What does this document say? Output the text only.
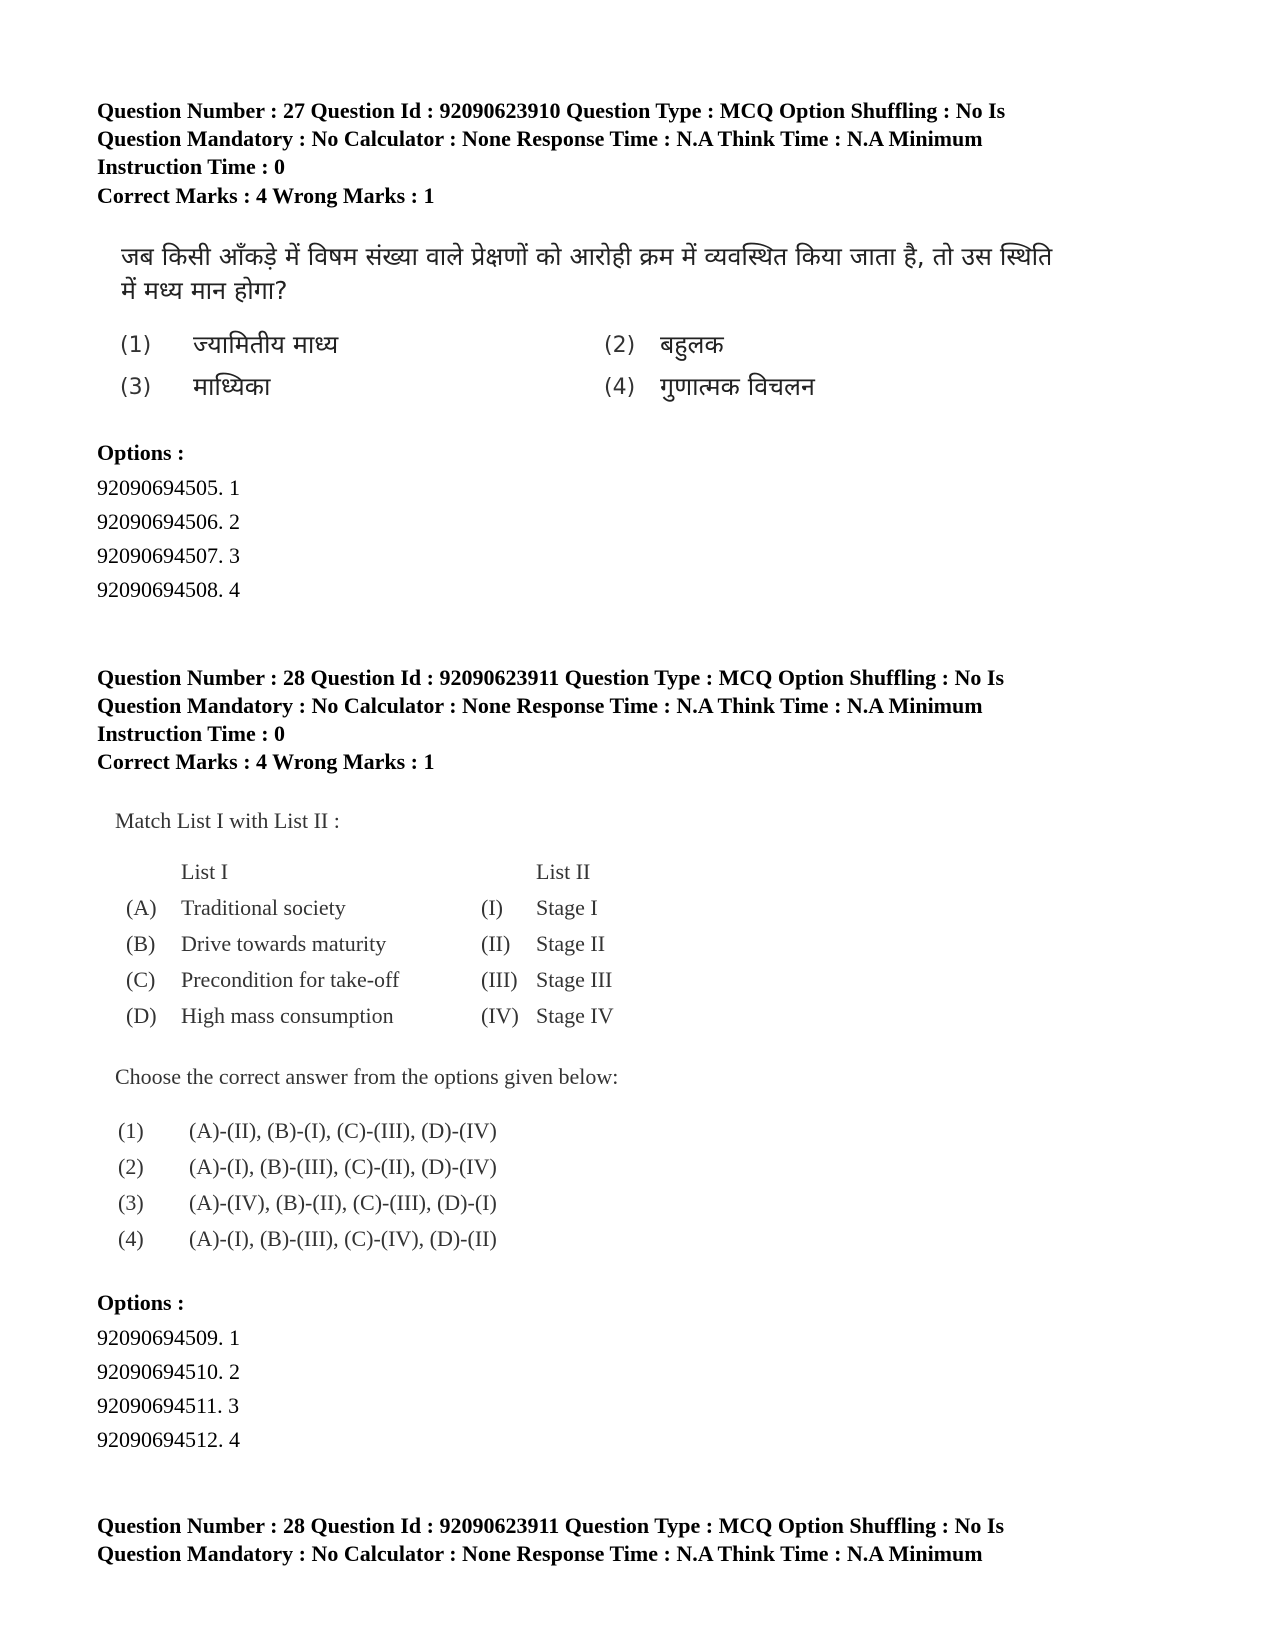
Question Number : 27 Question Id : 92090623910 Question Type : MCQ Option Shuffling : No Is
Question Mandatory : No Calculator : None Response Time : N.A Think Time : N.A Minimum
Instruction Time : 0
Correct Marks : 4 Wrong Marks : 1
जब किसी आँकड़े में विषम संख्या वाले प्रेक्षणों को आरोही क्रम में व्यवस्थित किया जाता है, तो उस स्थिति
में मध्य मान होगा?
(1) ज्यामितीय माध्य	(2) बहुलक
(3) माध्यिका	(4) गुणात्मक विचलन
Options :
92090694505. 1
92090694506. 2
92090694507. 3
92090694508. 4
Question Number : 28 Question Id : 92090623911 Question Type : MCQ Option Shuffling : No Is
Question Mandatory : No Calculator : None Response Time : N.A Think Time : N.A Minimum
Instruction Time : 0
Correct Marks : 4 Wrong Marks : 1
Match List I with List II :
List I	List II
(A) Traditional society	(I) Stage I
(B) Drive towards maturity	(II) Stage II
(C) Precondition for take-off	(III) Stage III
(D) High mass consumption	(IV) Stage IV
Choose the correct answer from the options given below:
(1) (A)-(II), (B)-(I), (C)-(III), (D)-(IV)
(2) (A)-(I), (B)-(III), (C)-(II), (D)-(IV)
(3) (A)-(IV), (B)-(II), (C)-(III), (D)-(I)
(4) (A)-(I), (B)-(III), (C)-(IV), (D)-(II)
Options :
92090694509. 1
92090694510. 2
92090694511. 3
92090694512. 4
Question Number : 28 Question Id : 92090623911 Question Type : MCQ Option Shuffling : No Is
Question Mandatory : No Calculator : None Response Time : N.A Think Time : N.A Minimum
